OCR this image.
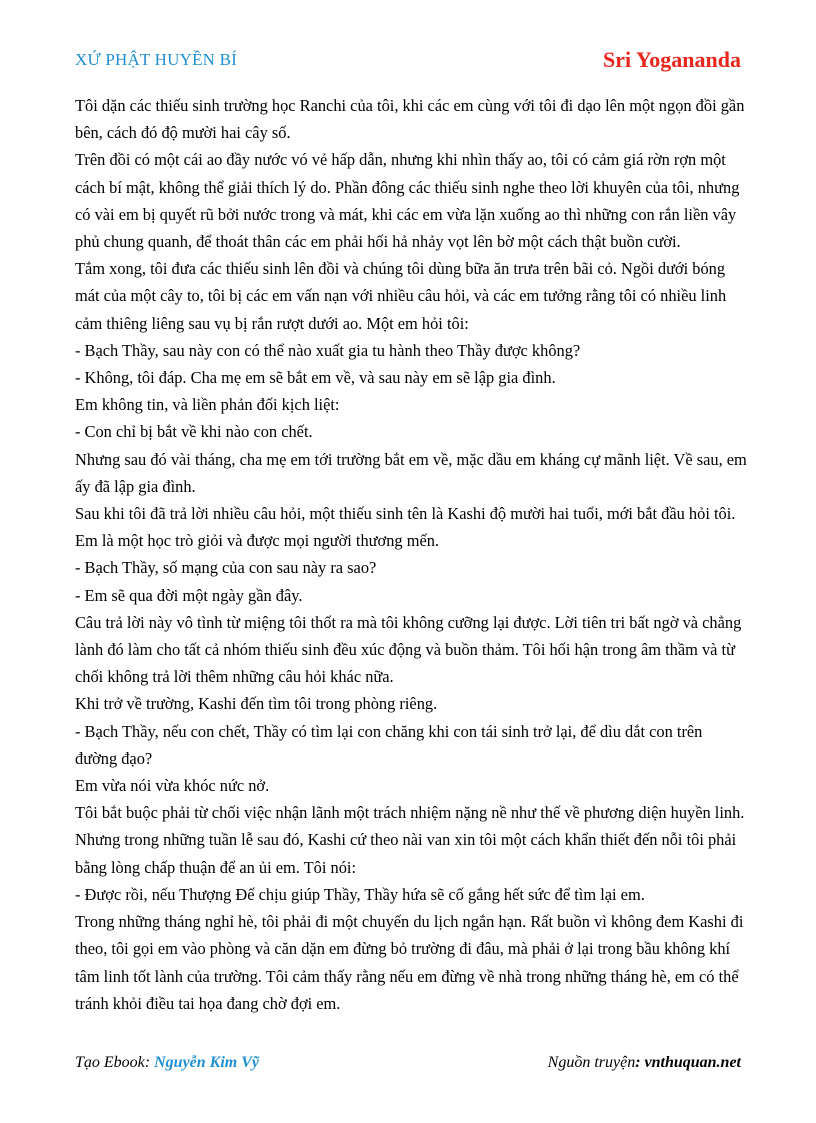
XỨ PHẬT HUYỀN BÍ	Sri Yogananda

Tôi dặn các thiếu sinh trường học Ranchi của tôi, khi các em cùng với tôi đi dạo lên một ngọn đồi gần bên, cách đó độ mười hai cây số.

Trên đồi có một cái ao đầy nước vó vẻ hấp dẫn, nhưng khi nhìn thấy ao, tôi có cảm giá rờn rợn một cách bí mật, không thể giải thích lý do. Phần đông các thiếu sinh nghe theo lời khuyên của tôi, nhưng có vài em bị quyết rũ bởi nước trong và mát, khi các em vừa lặn xuống ao thì những con rắn liền vây phủ chung quanh, để thoát thân các em phải hối hả nhảy vọt lên bờ một cách thật buồn cười.

Tắm xong, tôi đưa các thiếu sinh lên đồi và chúng tôi dùng bữa ăn trưa trên bãi cỏ. Ngồi dưới bóng mát của một cây to, tôi bị các em vấn nạn với nhiều câu hỏi, và các em tưởng rằng tôi có nhiều linh cảm thiêng liêng sau vụ bị rắn rượt dưới ao. Một em hỏi tôi:

- Bạch Thầy, sau này con có thể nào xuất gia tu hành theo Thầy được không?

- Không, tôi đáp. Cha mẹ em sẽ bắt em về, và sau này em sẽ lập gia đình.

Em không tin, và liền phản đối kịch liệt:

- Con chỉ bị bắt về khi nào con chết.

Nhưng sau đó vài tháng, cha mẹ em tới trường bắt em về, mặc dầu em kháng cự mãnh liệt. Về sau, em ấy đã lập gia đình.

Sau khi tôi đã trả lời nhiều câu hỏi, một thiếu sinh tên là Kashi độ mười hai tuổi, mới bắt đầu hỏi tôi. Em là một học trò giỏi và được mọi người thương mến.

- Bạch Thầy, số mạng của con sau này ra sao?

- Em sẽ qua đời một ngày gần đây.

Câu trả lời này vô tình từ miệng tôi thốt ra mà tôi không cưỡng lại được. Lời tiên tri bất ngờ và chẳng lành đó làm cho tất cả nhóm thiếu sinh đều xúc động và buồn thảm. Tôi hối hận trong âm thầm và từ chối không trả lời thêm những câu hỏi khác nữa.

Khi trở về trường, Kashi đến tìm tôi trong phòng riêng.

- Bạch Thầy, nếu con chết, Thầy có tìm lại con chăng khi con tái sinh trở lại, để dìu dắt con trên đường đạo?

Em vừa nói vừa khóc nức nở.

Tôi bắt buộc phải từ chối việc nhận lãnh một trách nhiệm nặng nề như thế về phương diện huyền linh. Nhưng trong những tuần lễ sau đó, Kashi cứ theo nài van xin tôi một cách khẩn thiết đến nỗi tôi phải bằng lòng chấp thuận để an ủi em. Tôi nói:

- Được rồi, nếu Thượng Đế chịu giúp Thầy, Thầy hứa sẽ cố gắng hết sức để tìm lại em.

Trong những tháng nghỉ hè, tôi phải đi một chuyến du lịch ngắn hạn. Rất buồn vì không đem Kashi đi theo, tôi gọi em vào phòng và căn dặn em đừng bỏ trường đi đâu, mà phải ở lại trong bầu không khí tâm linh tốt lành của trường. Tôi cảm thấy rằng nếu em đừng về nhà trong những tháng hè, em có thể tránh khỏi điều tai họa đang chờ đợi em.

Tạo Ebook: Nguyễn Kim Vỹ	Nguồn truyện: vnthuquan.net
